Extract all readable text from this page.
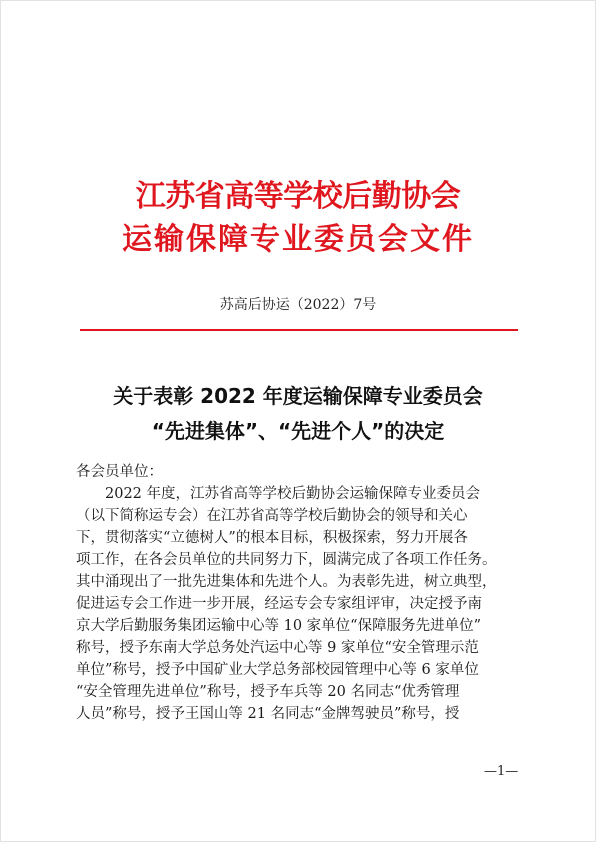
江苏省高等学校后勤协会
运输保障专业委员会文件
苏高后协运（2022）7号
关于表彰 2022 年度运输保障专业委员会
“先进集体”、“先进个人”的决定
各会员单位：
　　2022 年度，江苏省高等学校后勤协会运输保障专业委员会
（以下简称运专会）在江苏省高等学校后勤协会的领导和关心
下，贯彻落实“立德树人”的根本目标，积极探索，努力开展各
项工作，在各会员单位的共同努力下，圆满完成了各项工作任务。
其中涌现出了一批先进集体和先进个人。为表彰先进，树立典型，
促进运专会工作进一步开展，经运专会专家组评审，决定授予南
京大学后勤服务集团运输中心等 10 家单位“保障服务先进单位”
称号，授予东南大学总务处汽运中心等 9 家单位“安全管理示范
单位”称号，授予中国矿业大学总务部校园管理中心等 6 家单位
“安全管理先进单位”称号，授予车兵等 20 名同志“优秀管理
人员”称号，授予王国山等 21 名同志“金牌驾驶员”称号，授
—1—
